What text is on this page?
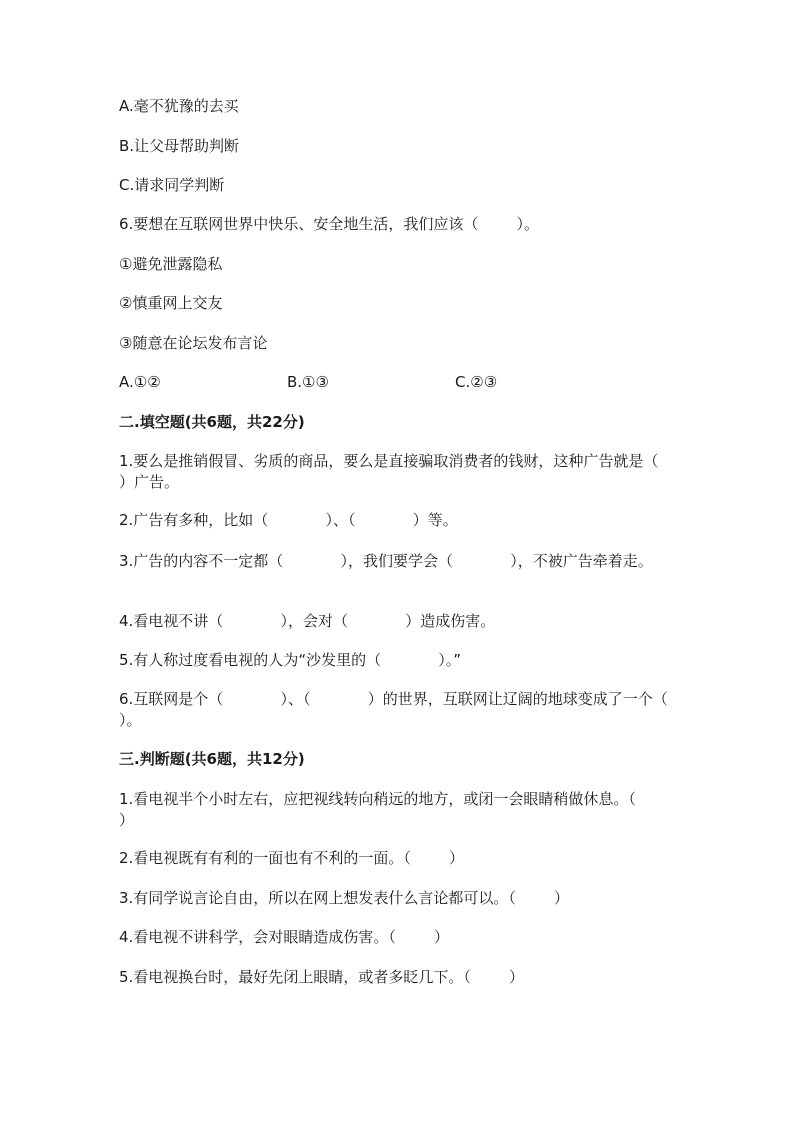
A.毫不犹豫的去买
B.让父母帮助判断
C.请求同学判断
6.要想在互联网世界中快乐、安全地生活，我们应该（        ）。
①避免泄露隐私
②慎重网上交友
③随意在论坛发布言论
A.①②	B.①③	C.②③
二.填空题(共6题，共22分)
1.要么是推销假冒、劣质的商品，要么是直接骗取消费者的钱财，这种广告就是（            ）广告。
2.广告有多种，比如（            ）、（            ）等。
3.广告的内容不一定都（            ），我们要学会（            ），不被广告牵着走。
4.看电视不讲（            ），会对（            ）造成伤害。
5.有人称过度看电视的人为“沙发里的（            ）。”
6.互联网是个（            ）、（            ）的世界，互联网让辽阔的地球变成了一个（            ）。
三.判断题(共6题，共12分)
1.看电视半个小时左右，应把视线转向稍远的地方，或闭一会眼睛稍做休息。（        ）
2.看电视既有有利的一面也有不利的一面。（        ）
3.有同学说言论自由，所以在网上想发表什么言论都可以。（        ）
4.看电视不讲科学，会对眼睛造成伤害。（        ）
5.看电视换台时，最好先闭上眼睛，或者多眨几下。（        ）
